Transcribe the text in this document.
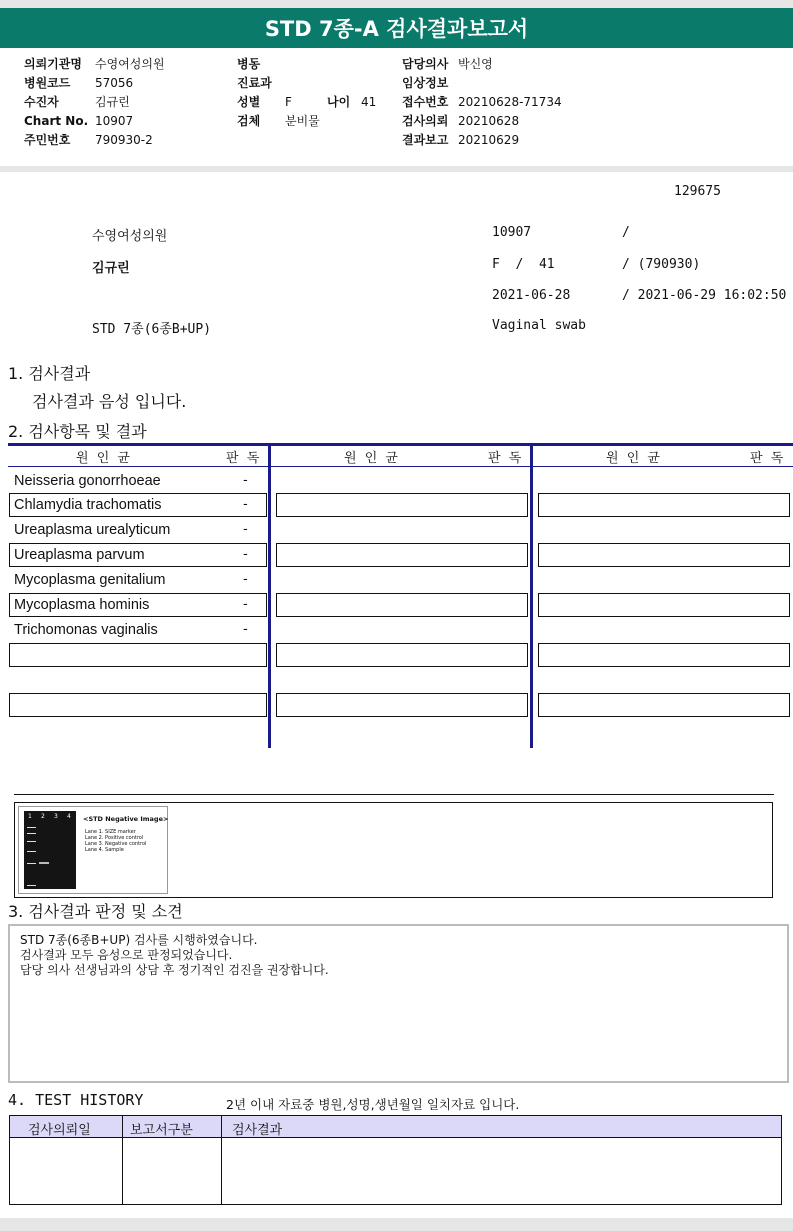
STD 7종-A 검사결과보고서
의뢰기관명 수영여성의원
병원코드 57056
수진자	김규린
Chart No. 10907
주민번호 790930-2
병동
진료과
성별 F	나이 41
검체 분비물
담당의사 박신영
임상정보
접수번호 20210628-71734
검사의뢰 20210628
결과보고 20210629
129675
수영여성의원	10907	/
김규린	F  /  41	/ (790930)
2021-06-28	/ 2021-06-29 16:02:50
STD 7종(6종B+UP)	Vaginal swab
1. 검사결과
검사결과 음성 입니다.
2. 검사항목 및 결과
원 인 균	판 독	원 인 균	판 독	원 인 균	판 독
Neisseria gonorrhoeae	-
Chlamydia trachomatis	-
Ureaplasma urealyticum	-
Ureaplasma parvum	-
Mycoplasma genitalium	-
Mycoplasma hominis	-
Trichomonas vaginalis	-
1 2 3 4 <STD Negative Image>
Lane 1. SIZE marker
Lane 2. Positive control
Lane 3. Negative control
Lane 4. Sample
3. 검사결과 판정 및 소견
STD 7종(6종B+UP) 검사를 시행하였습니다.
검사결과 모두 음성으로 판정되었습니다.
담당 의사 선생님과의 상담 후 정기적인 검진을 권장합니다.
4. TEST HISTORY	2년 이내 자료중 병원,성명,생년월일 일치자료 입니다.
검사의뢰일	보고서구분	검사결과
